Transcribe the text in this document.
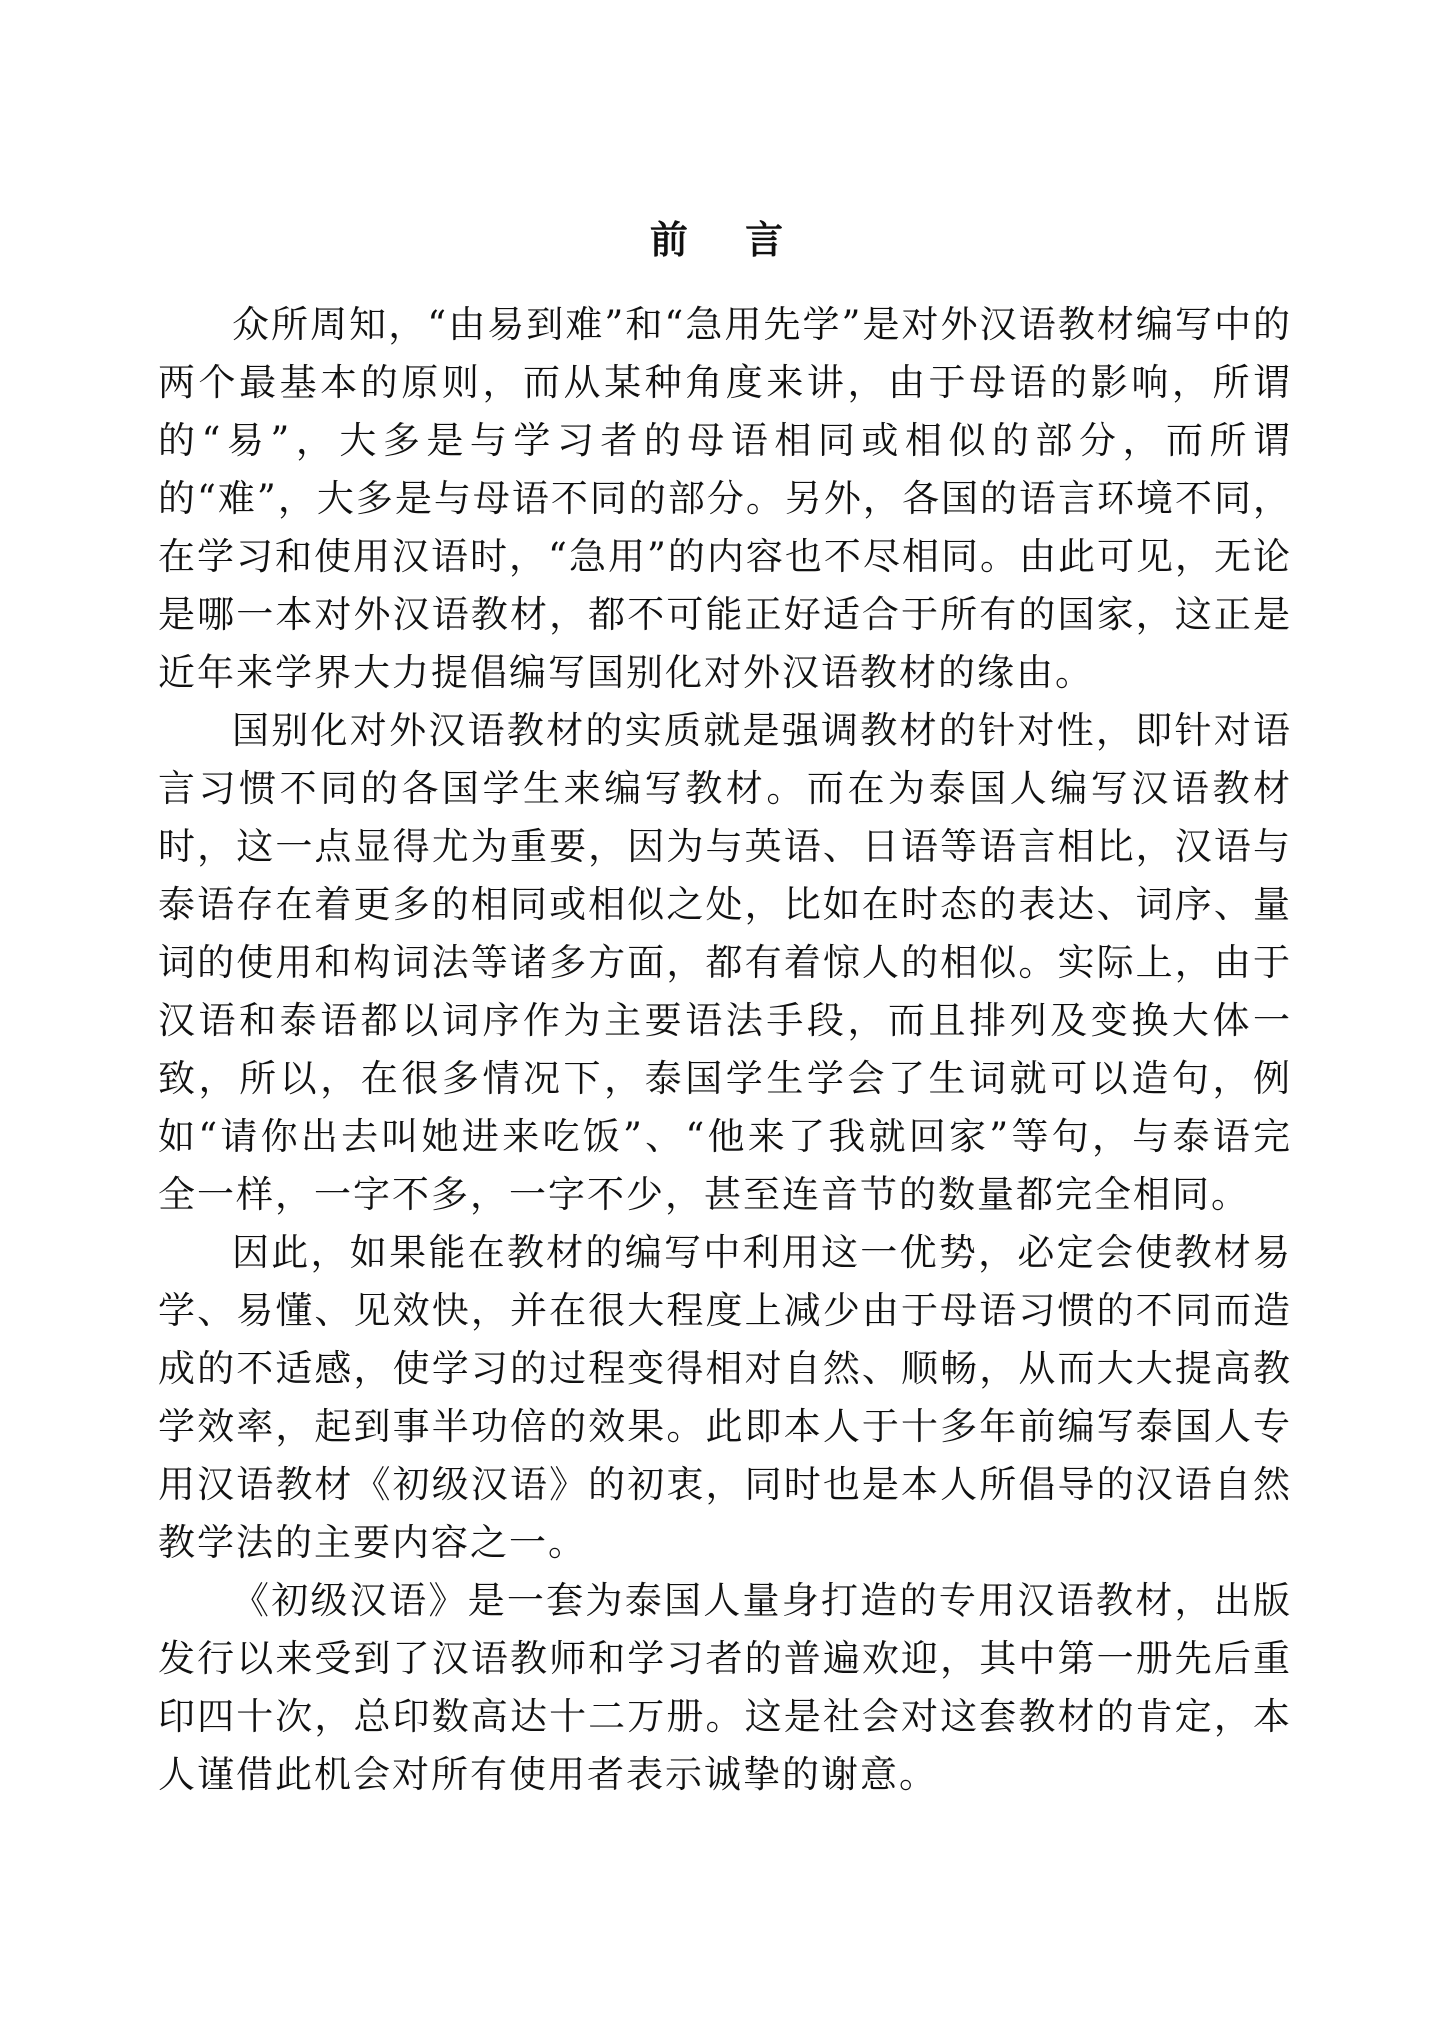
前 言

众所周知，“由易到难”和“急用先学”是对外汉语教材编写中的两个最基本的原则，而从某种角度来讲，由于母语的影响，所谓的“易”，大多是与学习者的母语相同或相似的部分，而所谓的“难”，大多是与母语不同的部分。另外，各国的语言环境不同，在学习和使用汉语时，“急用”的内容也不尽相同。由此可见，无论是哪一本对外汉语教材，都不可能正好适合于所有的国家，这正是近年来学界大力提倡编写国别化对外汉语教材的缘由。

国别化对外汉语教材的实质就是强调教材的针对性，即针对语言习惯不同的各国学生来编写教材。而在为泰国人编写汉语教材时，这一点显得尤为重要，因为与英语、日语等语言相比，汉语与泰语存在着更多的相同或相似之处，比如在时态的表达、词序、量词的使用和构词法等诸多方面，都有着惊人的相似。实际上，由于汉语和泰语都以词序作为主要语法手段，而且排列及变换大体一致，所以，在很多情况下，泰国学生学会了生词就可以造句，例如“请你出去叫她进来吃饭”、“他来了我就回家”等句，与泰语完全一样，一字不多，一字不少，甚至连音节的数量都完全相同。

因此，如果能在教材的编写中利用这一优势，必定会使教材易学、易懂、见效快，并在很大程度上减少由于母语习惯的不同而造成的不适感，使学习的过程变得相对自然、顺畅，从而大大提高教学效率，起到事半功倍的效果。此即本人于十多年前编写泰国人专用汉语教材《初级汉语》的初衷，同时也是本人所倡导的汉语自然教学法的主要内容之一。

《初级汉语》是一套为泰国人量身打造的专用汉语教材，出版发行以来受到了汉语教师和学习者的普遍欢迎，其中第一册先后重印四十次，总印数高达十二万册。这是社会对这套教材的肯定，本人谨借此机会对所有使用者表示诚挚的谢意。
